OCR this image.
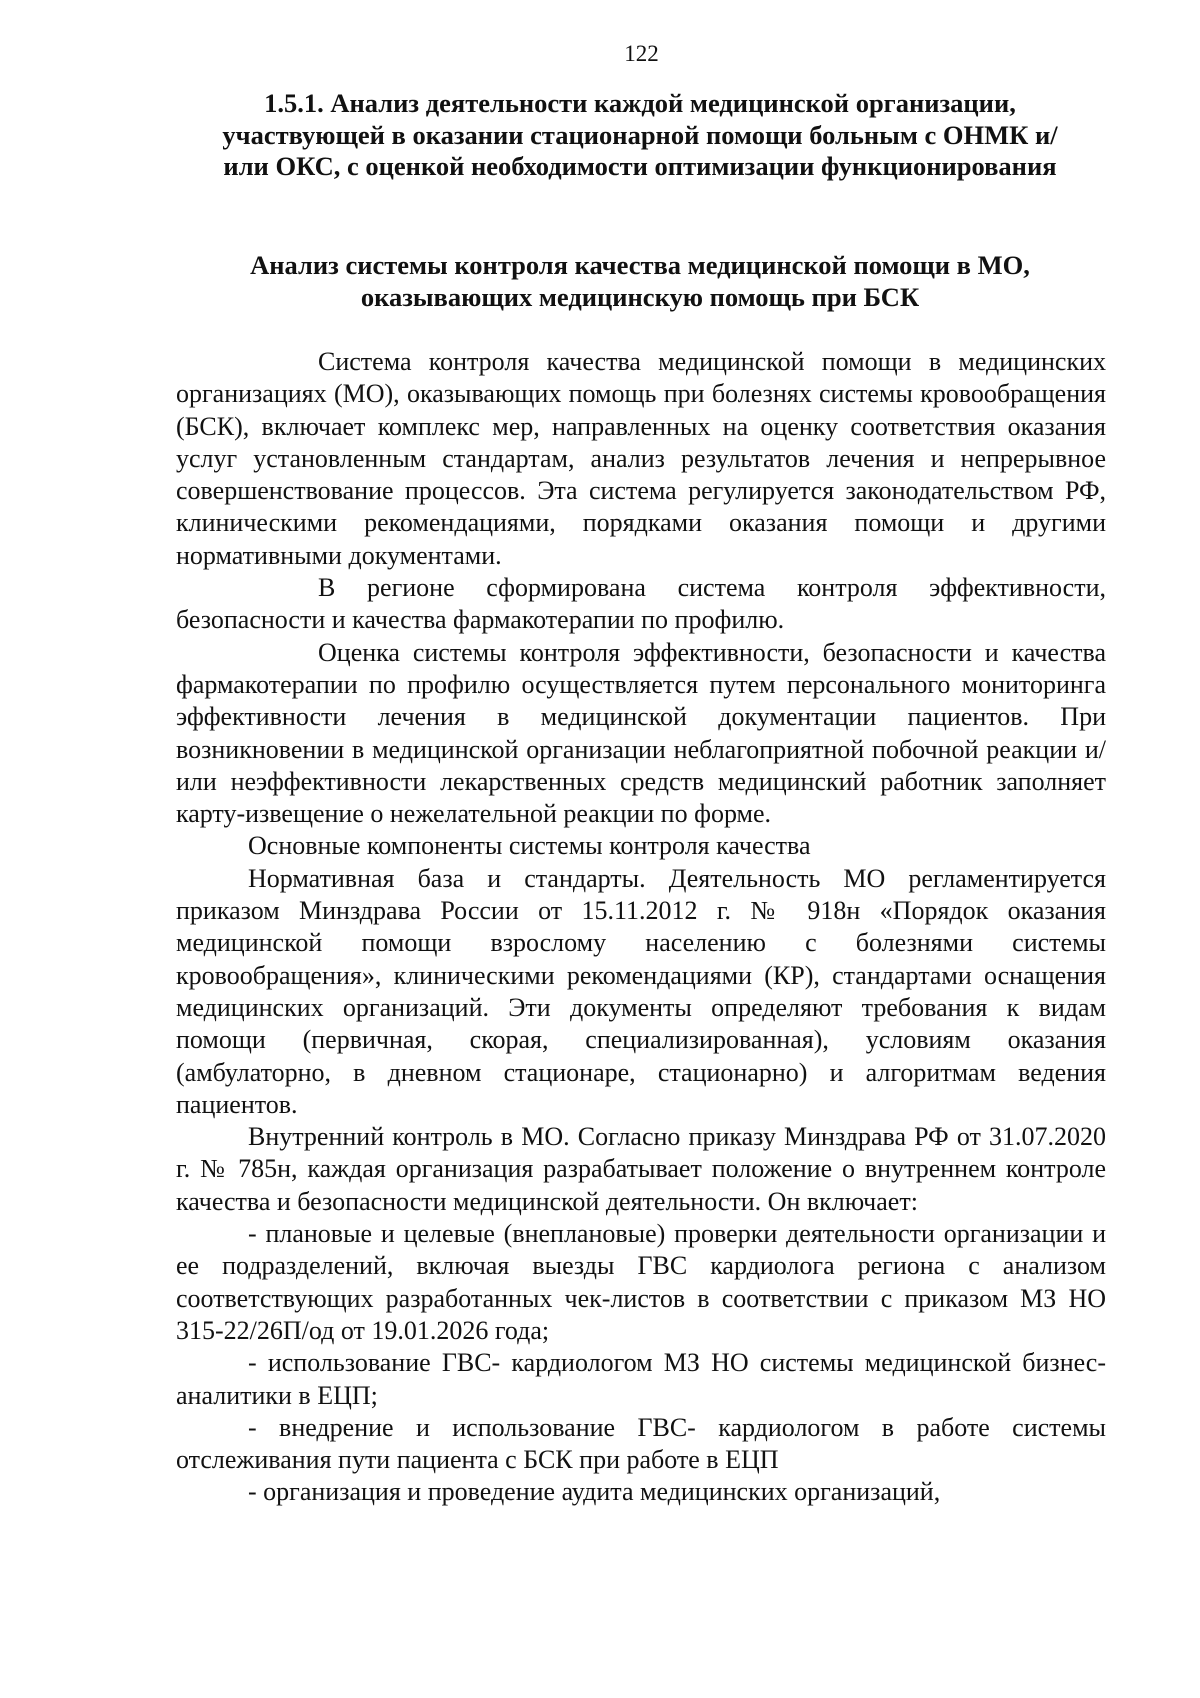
122
1.5.1. Анализ деятельности каждой медицинской организации, участвующей в оказании стационарной помощи больным с ОНМК и/или ОКС, с оценкой необходимости оптимизации функционирования
Анализ системы контроля качества медицинской помощи в МО, оказывающих медицинскую помощь при БСК

Система контроля качества медицинской помощи в медицинских организациях (МО), оказывающих помощь при болезнях системы кровообращения (БСК), включает комплекс мер, направленных на оценку соответствия оказания услуг установленным стандартам, анализ результатов лечения и непрерывное совершенствование процессов. Эта система регулируется законодательством РФ, клиническими рекомендациями, порядками оказания помощи и другими нормативными документами.

В регионе сформирована система контроля эффективности, безопасности и качества фармакотерапии по профилю.

Оценка системы контроля эффективности, безопасности и качества фармакотерапии по профилю осуществляется путем персонального мониторинга эффективности лечения в медицинской документации пациентов. При возникновении в медицинской организации неблагоприятной побочной реакции и/или неэффективности лекарственных средств медицинский работник заполняет карту-извещение о нежелательной реакции по форме.

Основные компоненты системы контроля качества

Нормативная база и стандарты. Деятельность МО регламентируется приказом Минздрава России от 15.11.2012 г. № 918н «Порядок оказания медицинской помощи взрослому населению с болезнями системы кровообращения», клиническими рекомендациями (КР), стандартами оснащения медицинских организаций. Эти документы определяют требования к видам помощи (первичная, скорая, специализированная), условиям оказания (амбулаторно, в дневном стационаре, стационарно) и алгоритмам ведения пациентов.

Внутренний контроль в МО. Согласно приказу Минздрава РФ от 31.07.2020 г. № 785н, каждая организация разрабатывает положение о внутреннем контроле качества и безопасности медицинской деятельности. Он включает:

- плановые и целевые (внеплановые) проверки деятельности организации и ее подразделений, включая выезды ГВС кардиолога региона с анализом соответствующих разработанных чек-листов в соответствии с приказом МЗ НО 315-22/26П/од от 19.01.2026 года;

- использование ГВС- кардиологом МЗ НО системы медицинской бизнес- аналитики в ЕЦП;

- внедрение и использование ГВС- кардиологом в работе системы отслеживания пути пациента с БСК при работе в ЕЦП

- организация и проведение аудита медицинских организаций,
